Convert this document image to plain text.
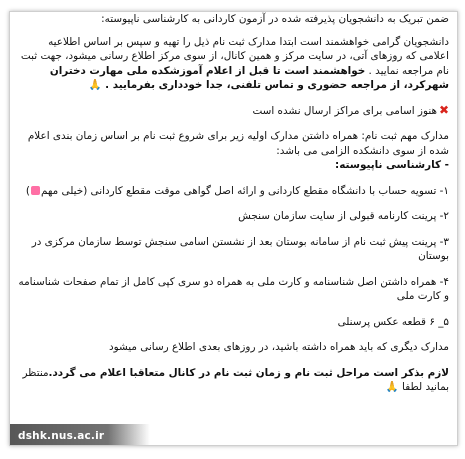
ضمن تبریک به دانشجویان پذیرفته شده در آزمون کاردانی به کارشناسی ناپیوسته:
دانشجویان گرامی خواهشمند است ابتدا مدارک ثبت نام ذیل را تهیه و سپس بر اساس اطلاعیه اعلامی که روزهای آتی، در سایت مرکز و همین کانال، از سوی مرکز اطلاع رسانی میشود، جهت ثبت نام مراجعه نمایید . خواهشمند است تا قبل از اعلام آموزشکده ملی مهارت دختران شهرکرد، از مراجعه حضوری و تماس تلفنی، جدا خودداری بفرمایید . 🙏
✖هنوز اسامی برای مراکز ارسال نشده است
مدارک مهم ثبت نام: همراه داشتن مدارک اولیه زیر برای شروع ثبت نام بر اساس زمان بندی اعلام شده از سوی دانشکده الزامی می باشد:
- کارشناسی ناپیوسته:
۱- تسویه حساب با دانشگاه مقطع کاردانی و ارائه اصل گواهی موقت مقطع کاردانی (خیلی مهم)
۲- پرینت کارنامه قبولی از سایت سازمان سنجش
۳- پرینت پیش ثبت نام از سامانه بوستان بعد از نشستن اسامی سنجش توسط سازمان مرکزی در بوستان
۴- همراه داشتن اصل شناسنامه و کارت ملی به همراه دو سری کپی کامل از تمام صفحات شناسنامه و کارت ملی
۵_ ۶ قطعه عکس پرسنلی
مدارک دیگری که باید همراه داشته باشید، در روزهای بعدی اطلاع رسانی میشود
لازم بذکر است مراحل ثبت نام و زمان ثبت نام در کانال متعاقبا اعلام می گردد.منتظر بمانید لطفا 🙏
dshk.nus.ac.ir
